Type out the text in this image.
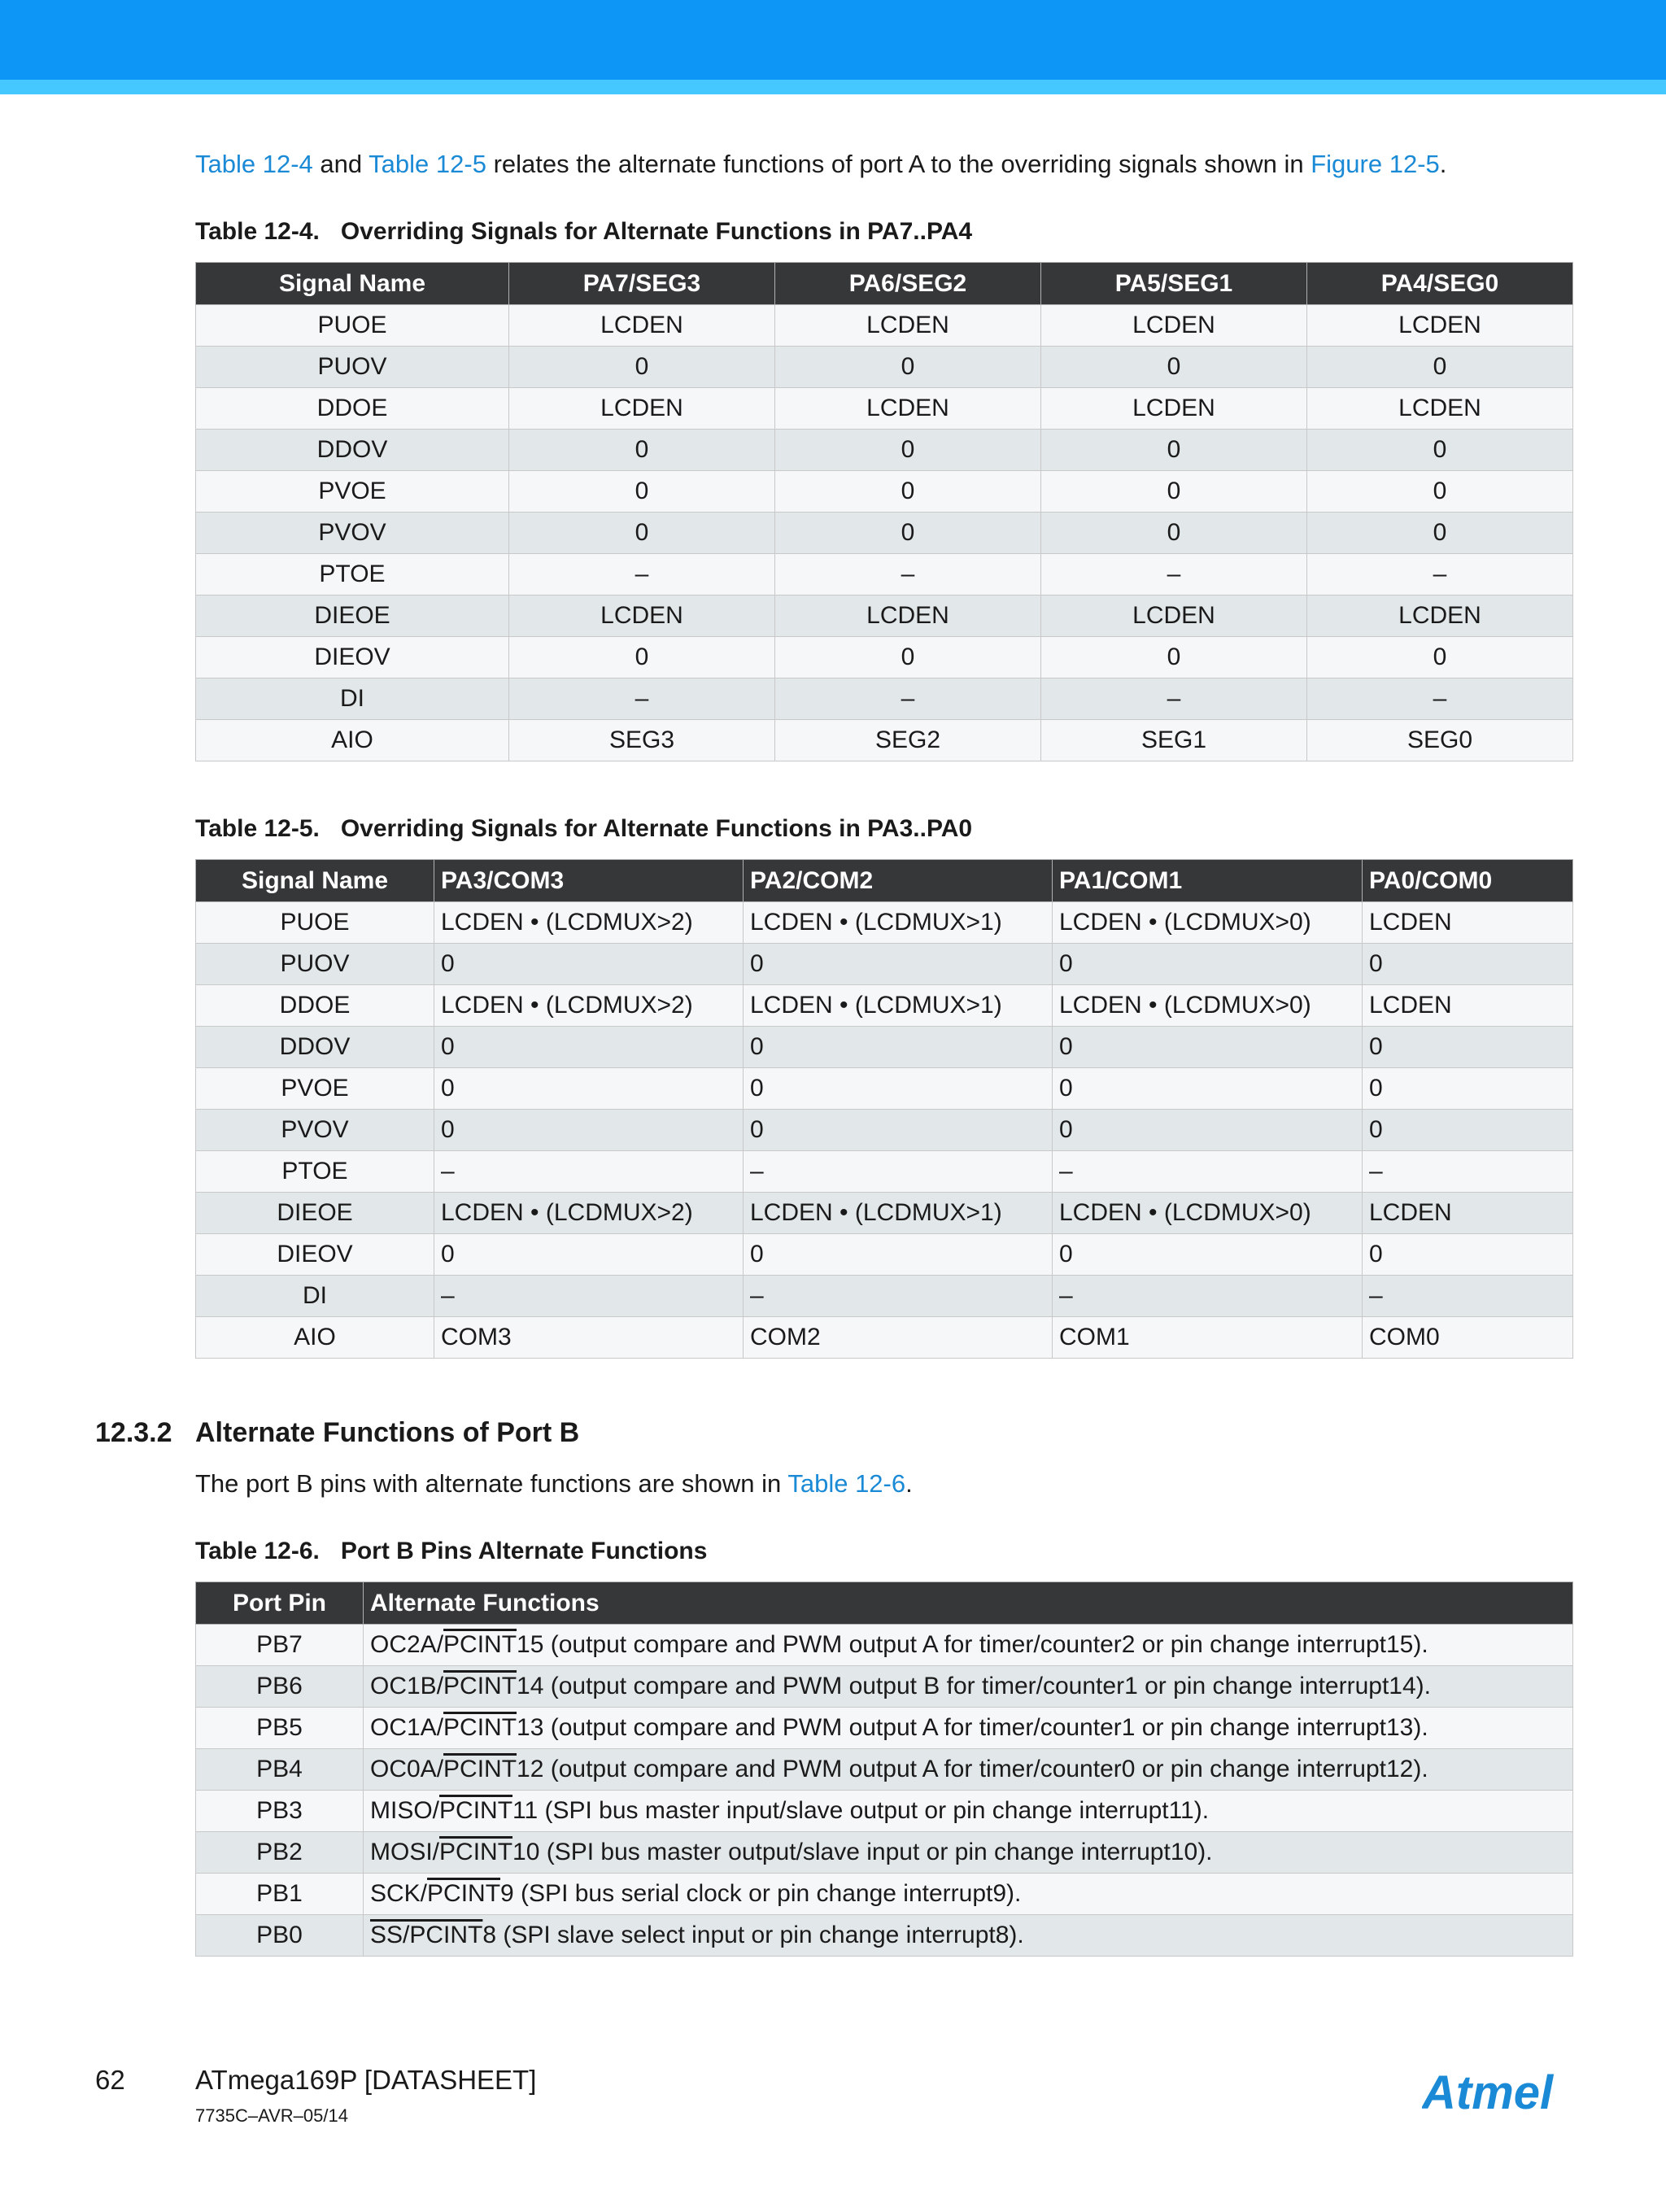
Table 12-4 and Table 12-5 relates the alternate functions of port A to the overriding signals shown in Figure 12-5.

Table 12-4. Overriding Signals for Alternate Functions in PA7..PA4

Signal Name	PA7/SEG3	PA6/SEG2	PA5/SEG1	PA4/SEG0
PUOE	LCDEN	LCDEN	LCDEN	LCDEN
PUOV	0	0	0	0
DDOE	LCDEN	LCDEN	LCDEN	LCDEN
DDOV	0	0	0	0
PVOE	0	0	0	0
PVOV	0	0	0	0
PTOE	–	–	–	–
DIEOE	LCDEN	LCDEN	LCDEN	LCDEN
DIEOV	0	0	0	0
DI	–	–	–	–
AIO	SEG3	SEG2	SEG1	SEG0

Table 12-5. Overriding Signals for Alternate Functions in PA3..PA0

Signal Name	PA3/COM3	PA2/COM2	PA1/COM1	PA0/COM0
PUOE	LCDEN • (LCDMUX>2)	LCDEN • (LCDMUX>1)	LCDEN • (LCDMUX>0)	LCDEN
PUOV	0	0	0	0
DDOE	LCDEN • (LCDMUX>2)	LCDEN • (LCDMUX>1)	LCDEN • (LCDMUX>0)	LCDEN
DDOV	0	0	0	0
PVOE	0	0	0	0
PVOV	0	0	0	0
PTOE	–	–	–	–
DIEOE	LCDEN • (LCDMUX>2)	LCDEN • (LCDMUX>1)	LCDEN • (LCDMUX>0)	LCDEN
DIEOV	0	0	0	0
DI	–	–	–	–
AIO	COM3	COM2	COM1	COM0
12.3.2 Alternate Functions of Port B

The port B pins with alternate functions are shown in Table 12-6.

Table 12-6. Port B Pins Alternate Functions

Port Pin	Alternate Functions
PB7	OC2A/PCINT15 (output compare and PWM output A for timer/counter2 or pin change interrupt15).
PB6	OC1B/PCINT14 (output compare and PWM output B for timer/counter1 or pin change interrupt14).
PB5	OC1A/PCINT13 (output compare and PWM output A for timer/counter1 or pin change interrupt13).
PB4	OC0A/PCINT12 (output compare and PWM output A for timer/counter0 or pin change interrupt12).
PB3	MISO/PCINT11 (SPI bus master input/slave output or pin change interrupt11).
PB2	MOSI/PCINT10 (SPI bus master output/slave input or pin change interrupt10).
PB1	SCK/PCINT9 (SPI bus serial clock or pin change interrupt9).
PB0	SS/PCINT8 (SPI slave select input or pin change interrupt8).

62	ATmega169P [DATASHEET]

7735C–AVR–05/14	Atmel
